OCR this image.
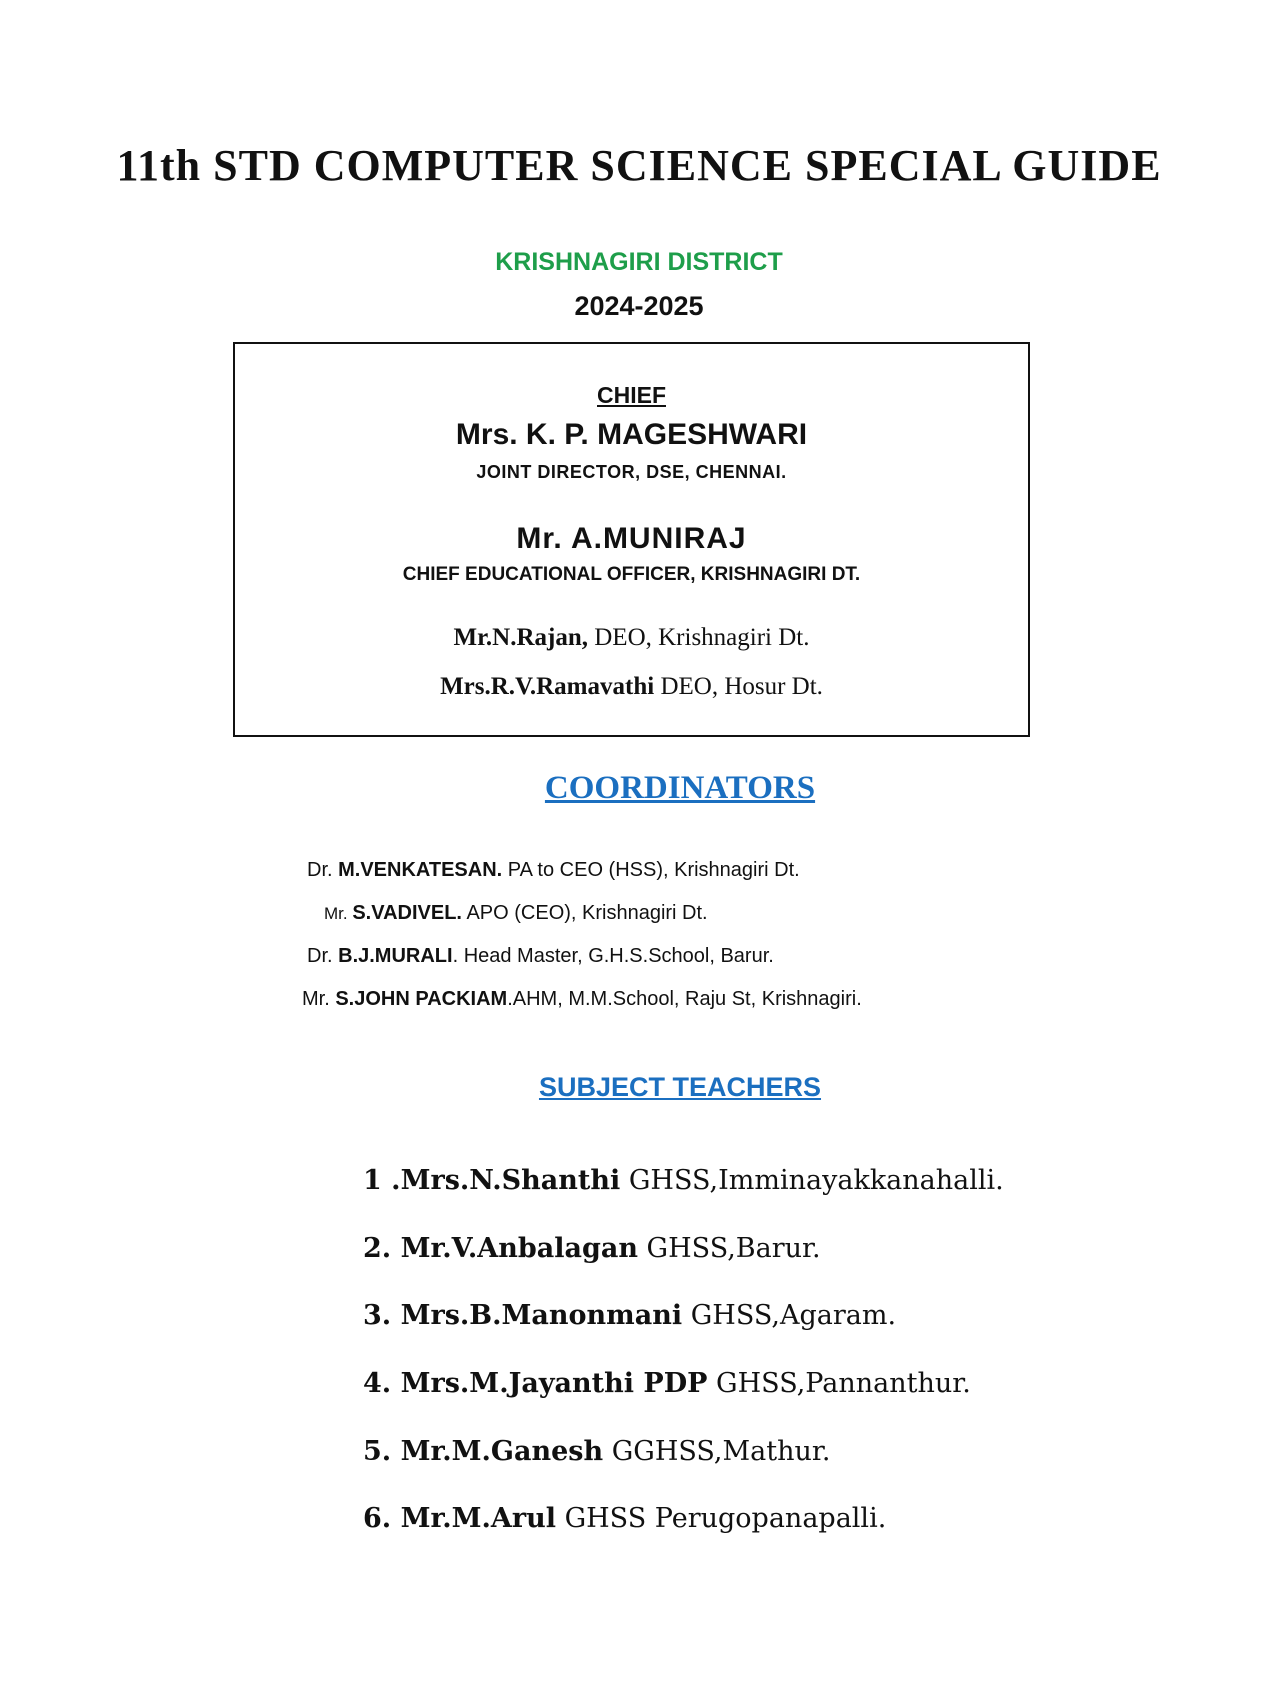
11th STD COMPUTER SCIENCE SPECIAL GUIDE
KRISHNAGIRI DISTRICT
2024-2025
CHIEF
Mrs. K. P. MAGESHWARI
JOINT DIRECTOR, DSE, CHENNAI.
Mr. A.MUNIRAJ
CHIEF EDUCATIONAL OFFICER, KRISHNAGIRI DT.
Mr.N.Rajan, DEO, Krishnagiri Dt.
Mrs.R.V.Ramavathi DEO, Hosur Dt.
COORDINATORS
Dr. M.VENKATESAN. PA to CEO (HSS), Krishnagiri Dt.
Mr. S.VADIVEL. APO (CEO), Krishnagiri Dt.
Dr. B.J.MURALI. Head Master, G.H.S.School, Barur.
Mr. S.JOHN PACKIAM.AHM, M.M.School, Raju St, Krishnagiri.
SUBJECT TEACHERS
1 .Mrs.N.Shanthi GHSS,Imminayakkanahalli.
2. Mr.V.Anbalagan GHSS,Barur.
3. Mrs.B.Manonmani GHSS,Agaram.
4. Mrs.M.Jayanthi PDP GHSS,Pannanthur.
5. Mr.M.Ganesh GGHSS,Mathur.
6. Mr.M.Arul GHSS Perugopanapalli.
